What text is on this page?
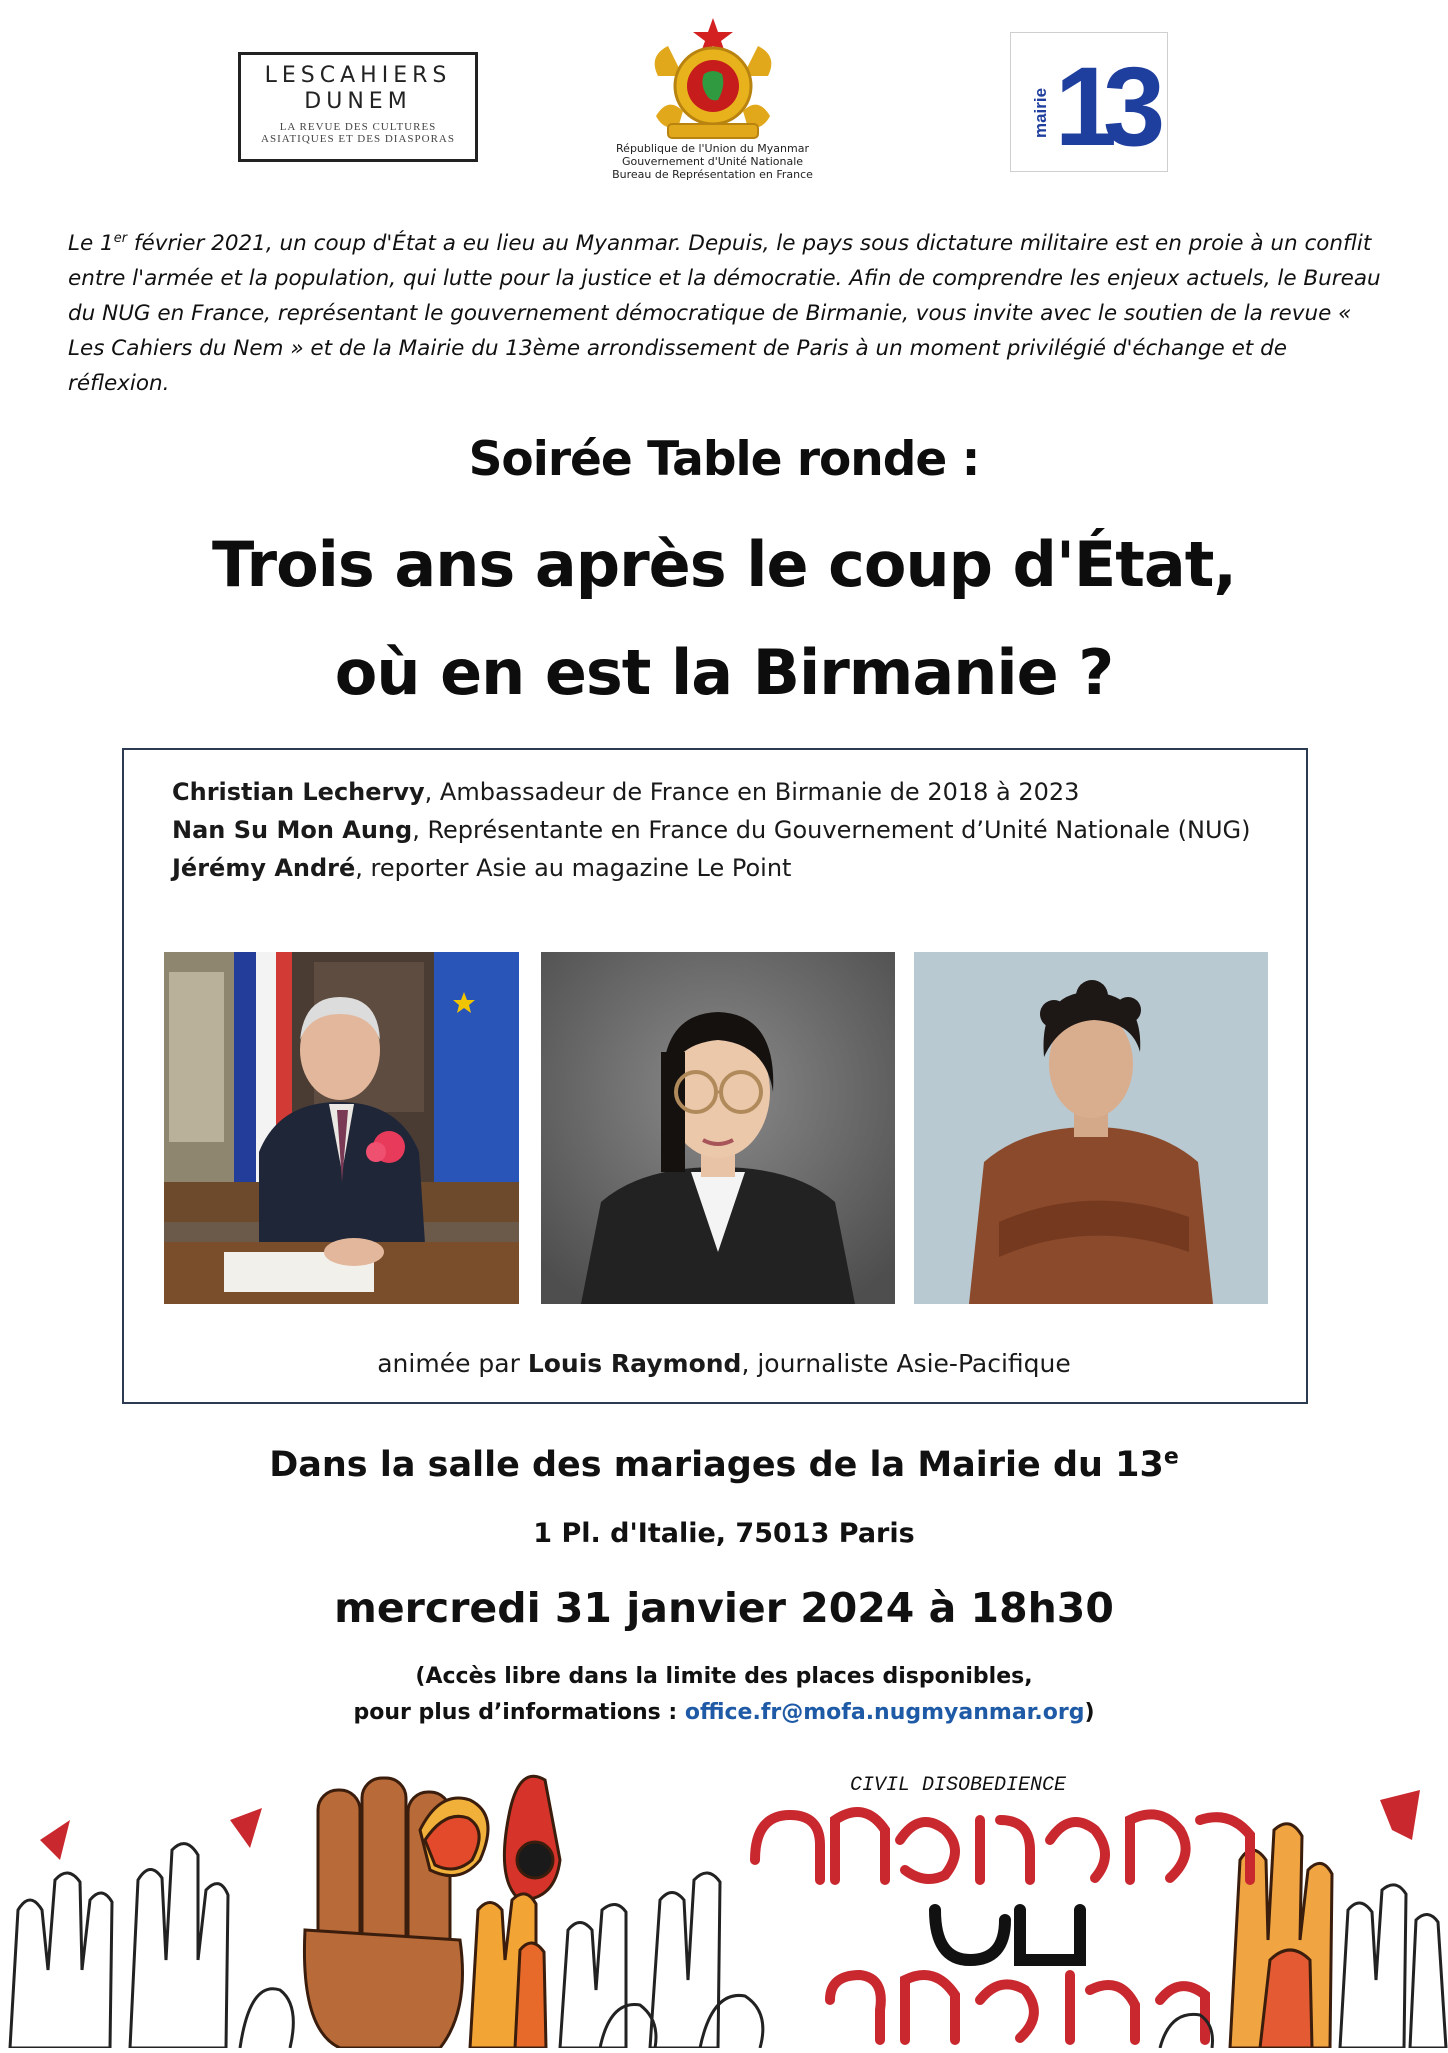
LESCAHIERS
DUNEM
LA REVUE DES CULTURES
ASIATIQUES ET DES DIASPORAS
République de l'Union du Myanmar
Gouvernement d'Unité Nationale
Bureau de Représentation en France
mairie 13
Le 1er février 2021, un coup d'État a eu lieu au Myanmar. Depuis, le pays sous dictature militaire est en proie à un conflit entre l'armée et la population, qui lutte pour la justice et la démocratie. Afin de comprendre les enjeux actuels, le Bureau du NUG en France, représentant le gouvernement démocratique de Birmanie, vous invite avec le soutien de la revue « Les Cahiers du Nem » et de la Mairie du 13ème arrondissement de Paris à un moment privilégié d'échange et de réflexion.
Soirée Table ronde :
Trois ans après le coup d'État,
où en est la Birmanie ?
Christian Lechervy, Ambassadeur de France en Birmanie de 2018 à 2023
Nan Su Mon Aung, Représentante en France du Gouvernement d’Unité Nationale (NUG)
Jérémy André, reporter Asie au magazine Le Point
animée par Louis Raymond, journaliste Asie-Pacifique
Dans la salle des mariages de la Mairie du 13e
1 Pl. d'Italie, 75013 Paris
mercredi 31 janvier 2024 à 18h30
(Accès libre dans la limite des places disponibles,
pour plus d’informations : office.fr@mofa.nugmyanmar.org)
CIVIL DISOBEDIENCE
